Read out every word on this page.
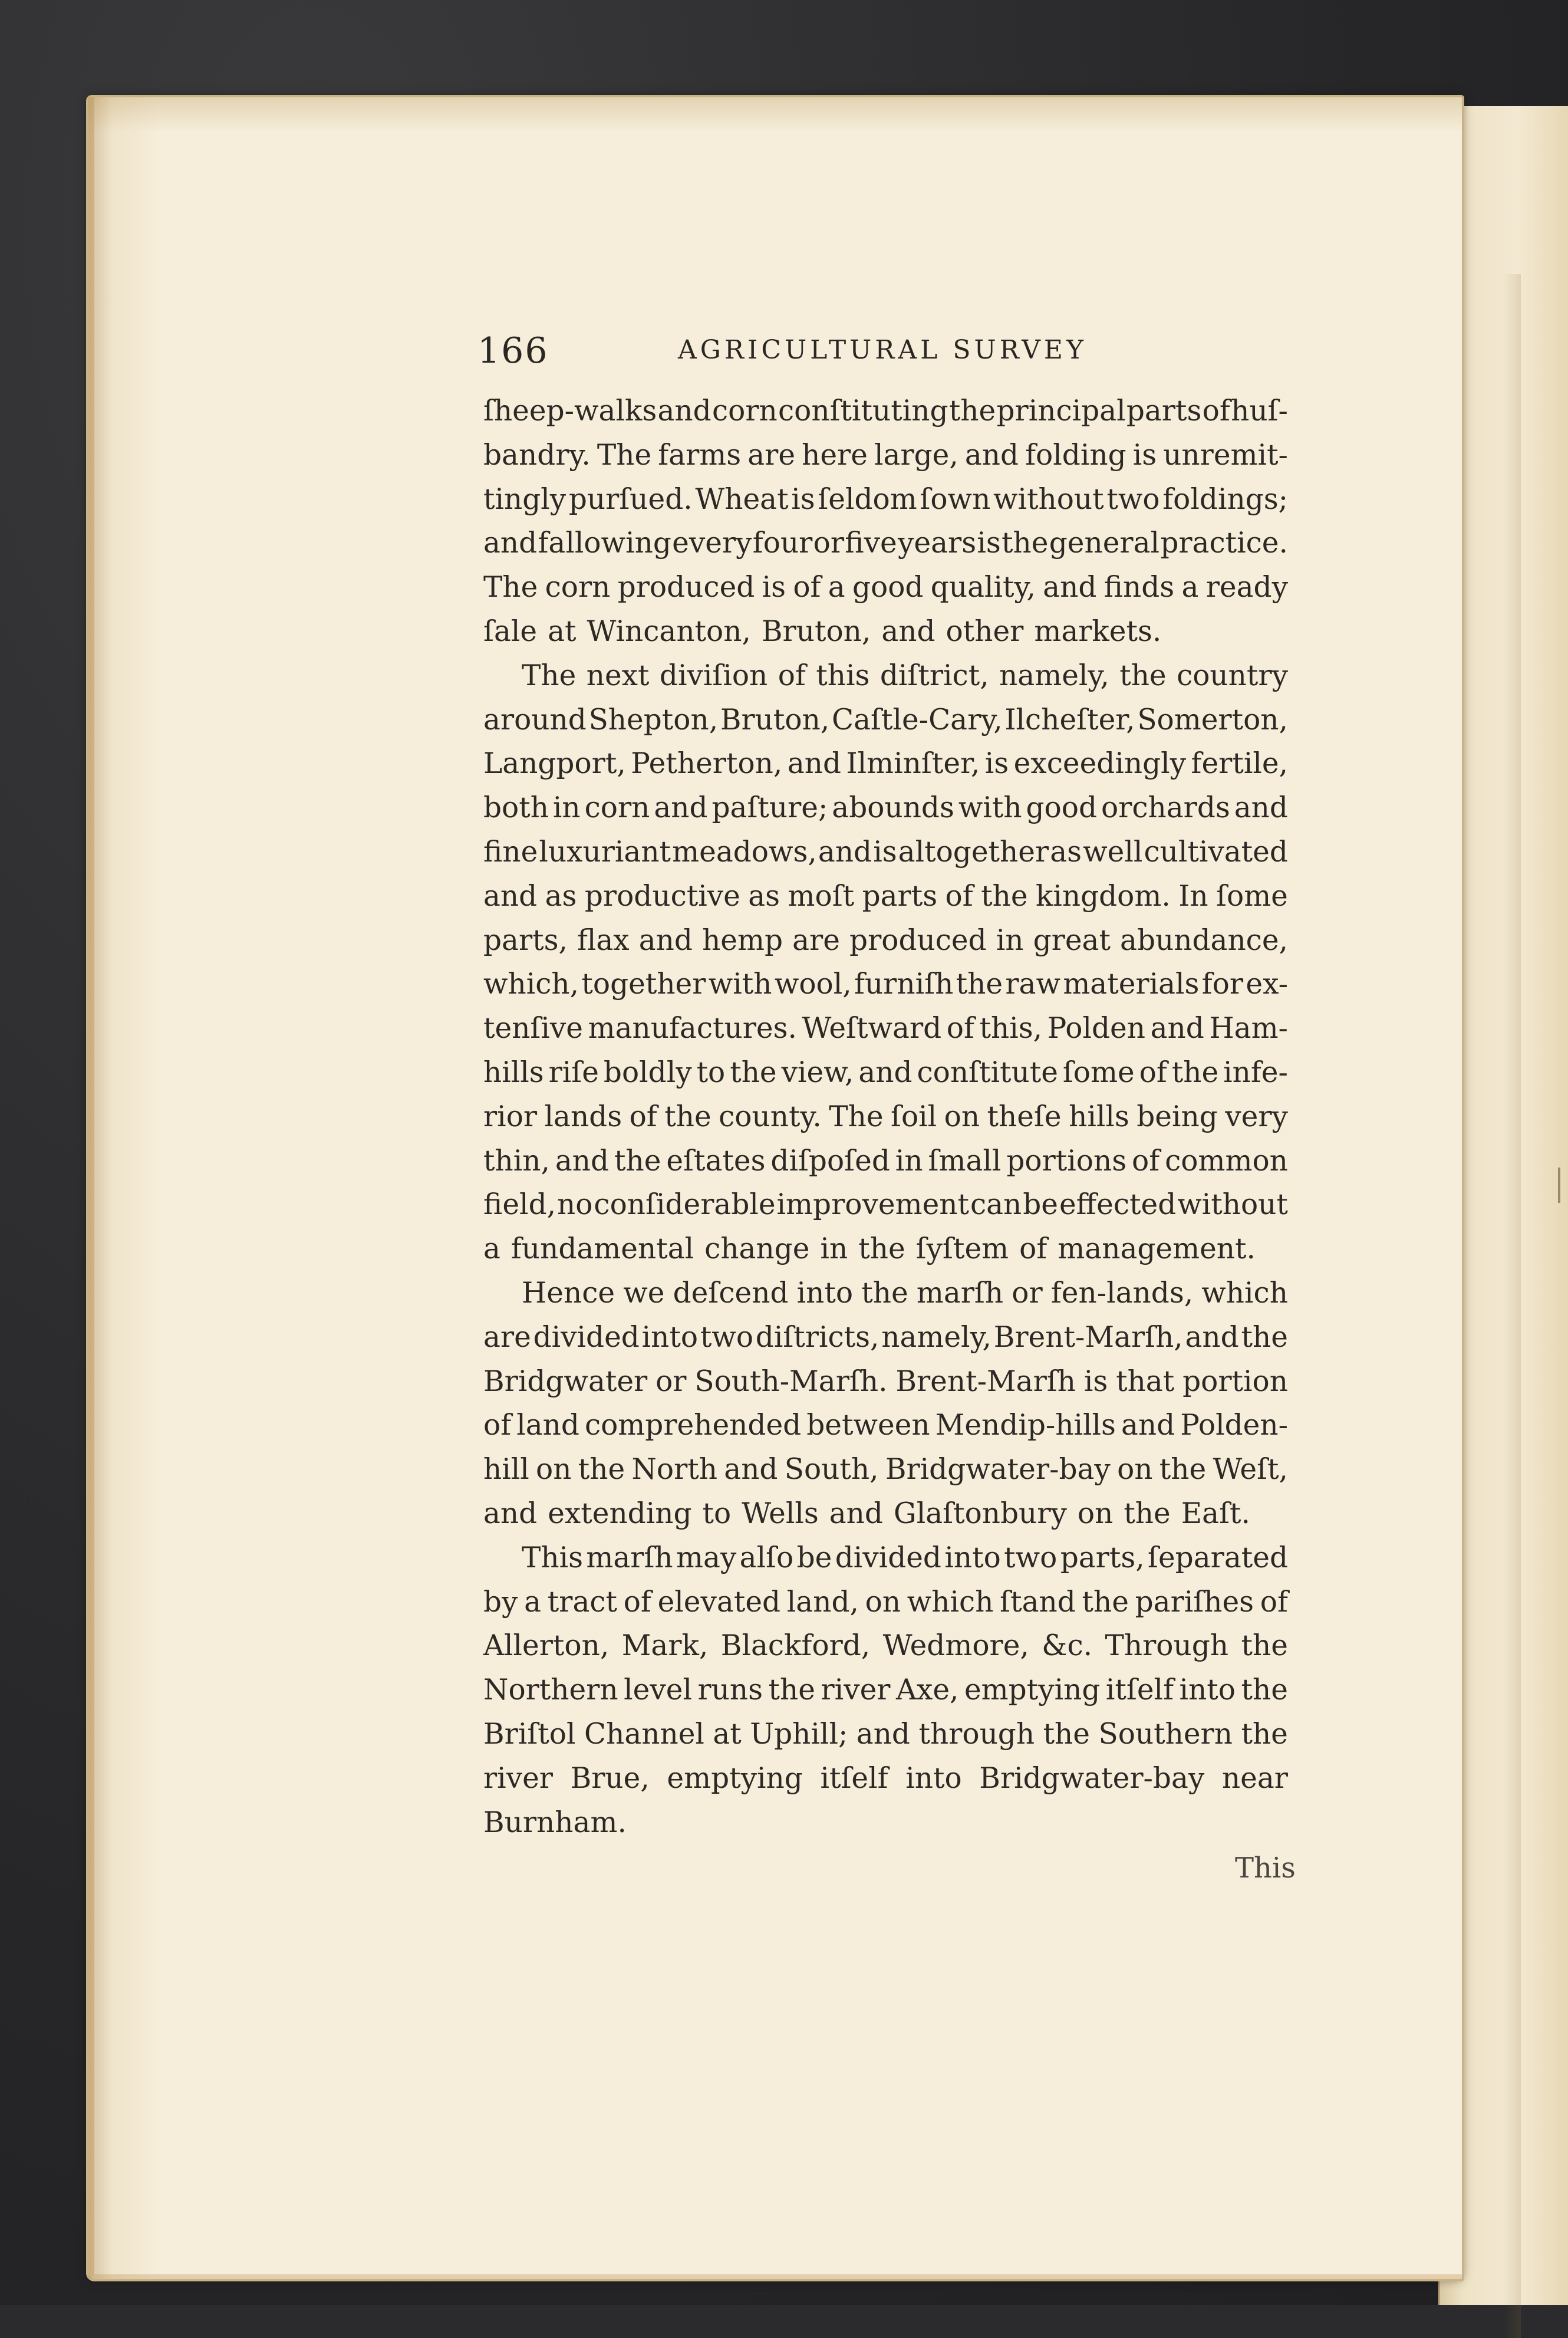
166	AGRICULTURAL SURVEY
ſheep-walks and corn conſtituting the principal parts of huſ-
bandry. The farms are here large, and folding is unremit-
tingly purſued. Wheat is ſeldom ſown without two foldings;
and fallowing every four or five years is the general practice.
The corn produced is of a good quality, and finds a ready
ſale at Wincanton, Bruton, and other markets.
The next diviſion of this diſtrict, namely, the country
around Shepton, Bruton, Caſtle-Cary, Ilcheſter, Somerton,
Langport, Petherton, and Ilminſter, is exceedingly fertile,
both in corn and paſture; abounds with good orchards and
fine luxuriant meadows, and is altogether as well cultivated
and as productive as moſt parts of the kingdom. In ſome
parts, flax and hemp are produced in great abundance,
which, together with wool, furniſh the raw materials for ex-
tenſive manufactures. Weſtward of this, Polden and Ham-
hills riſe boldly to the view, and conſtitute ſome of the infe-
rior lands of the county. The ſoil on theſe hills being very
thin, and the eſtates diſpoſed in ſmall portions of common
field, no conſiderable improvement can be effected without
a fundamental change in the ſyſtem of management.
Hence we deſcend into the marſh or fen-lands, which
are divided into two diſtricts, namely, Brent-Marſh, and the
Bridgwater or South-Marſh. Brent-Marſh is that portion
of land comprehended between Mendip-hills and Polden-
hill on the North and South, Bridgwater-bay on the Weſt,
and extending to Wells and Glaſtonbury on the Eaſt.
This marſh may alſo be divided into two parts, ſeparated
by a tract of elevated land, on which ſtand the pariſhes of
Allerton, Mark, Blackford, Wedmore, &c. Through the
Northern level runs the river Axe, emptying itſelf into the
Briſtol Channel at Uphill; and through the Southern the
river Brue, emptying itſelf into Bridgwater-bay near
Burnham.
This
